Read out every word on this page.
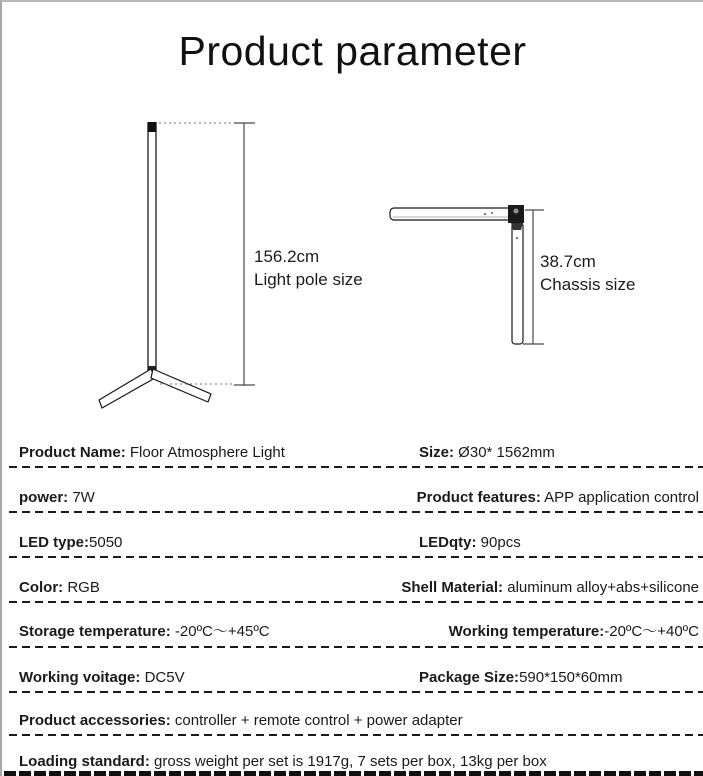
Product parameter
156.2cm
Light pole size
38.7cm
Chassis size
Product Name: Floor Atmosphere Light	Size: Ø30* 1562mm
power: 7W	Product features: APP application control
LED type:5050	LEDqty: 90pcs
Color: RGB	Shell Material: aluminum alloy+abs+silicone
Storage temperature: -20ºC～+45ºC	Working temperature:-20ºC～+40ºC
Working voitage: DC5V	Package Size:590*150*60mm
Product accessories: controller + remote control + power adapter
Loading standard: gross weight per set is 1917g, 7 sets per box, 13kg per box
